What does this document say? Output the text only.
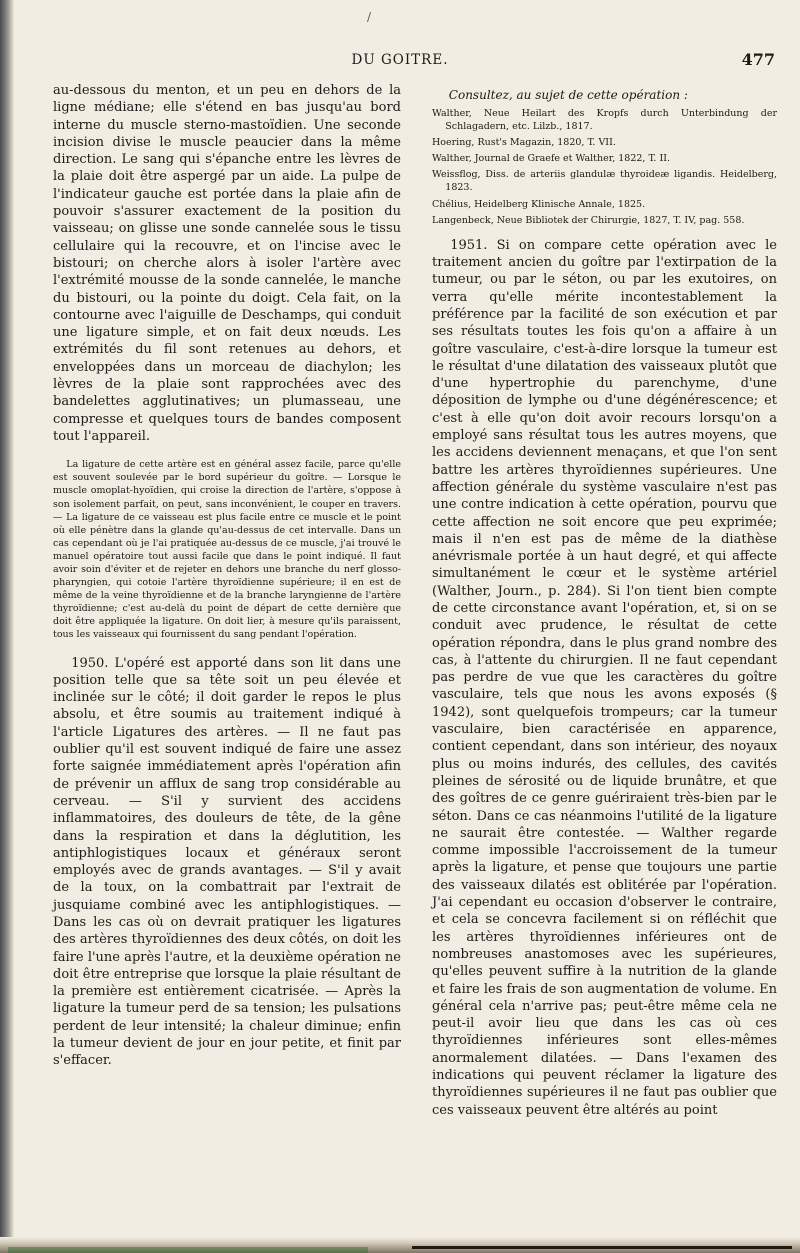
/
DU GOITRE.	477

au-dessous du menton, et un peu en dehors de la ligne médiane; elle s'étend en bas jusqu'au bord interne du muscle sterno-mastoïdien. Une seconde incision divise le muscle peaucier dans la même direction. Le sang qui s'épanche entre les lèvres de la plaie doit être aspergé par un aide. La pulpe de l'indicateur gauche est portée dans la plaie afin de pouvoir s'assurer exactement de la position du vaisseau; on glisse une sonde cannelée sous le tissu cellulaire qui la recouvre, et on l'incise avec le bistouri; on cherche alors à isoler l'artère avec l'extrémité mousse de la sonde cannelée, le manche du bistouri, ou la pointe du doigt. Cela fait, on la contourne avec l'aiguille de Deschamps, qui conduit une ligature simple, et on fait deux nœuds. Les extrémités du fil sont retenues au dehors, et enveloppées dans un morceau de diachylon; les lèvres de la plaie sont rapprochées avec des bandelettes agglutinatives; un plumasseau, une compresse et quelques tours de bandes composent tout l'appareil.

La ligature de cette artère est en général assez facile, parce qu'elle est souvent soulevée par le bord supérieur du goître. — Lorsque le muscle omoplat-hyoïdien, qui croise la direction de l'artère, s'oppose à son isolement parfait, on peut, sans inconvénient, le couper en travers. — La ligature de ce vaisseau est plus facile entre ce muscle et le point où elle pénètre dans la glande qu'au-dessus de cet intervalle. Dans un cas cependant où je l'ai pratiquée au-dessus de ce muscle, j'ai trouvé le manuel opératoire tout aussi facile que dans le point indiqué. Il faut avoir soin d'éviter et de rejeter en dehors une branche du nerf glosso-pharyngien, qui cotoie l'artère thyroïdienne supérieure; il en est de même de la veine thyroïdienne et de la branche laryngienne de l'artère thyroïdienne; c'est au-delà du point de départ de cette dernière que doit être appliquée la ligature. On doit lier, à mesure qu'ils paraissent, tous les vaisseaux qui fournissent du sang pendant l'opération.

1950. L'opéré est apporté dans son lit dans une position telle que sa tête soit un peu élevée et inclinée sur le côté; il doit garder le repos le plus absolu, et être soumis au traitement indiqué à l'article Ligatures des artères. — Il ne faut pas oublier qu'il est souvent indiqué de faire une assez forte saignée immédiatement après l'opération afin de prévenir un afflux de sang trop considérable au cerveau. — S'il y survient des accidens inflammatoires, des douleurs de tête, de la gêne dans la respiration et dans la déglutition, les antiphlogistiques locaux et généraux seront employés avec de grands avantages. — S'il y avait de la toux, on la combattrait par l'extrait de jusquiame combiné avec les antiphlogistiques. — Dans les cas où on devrait pratiquer les ligatures des artères thyroïdiennes des deux côtés, on doit les faire l'une après l'autre, et la deuxième opération ne doit être entreprise que lorsque la plaie résultant de la première est entièrement cicatrisée. — Après la ligature la tumeur perd de sa tension; les pulsations perdent de leur intensité; la chaleur diminue; enfin la tumeur devient de jour en jour petite, et finit par s'effacer.

Consultez, au sujet de cette opération :

Walther, Neue Heilart des Kropfs durch Unterbindung der Schlagadern, etc. Lilzb., 1817.

Hoering, Rust's Magazin, 1820, T. VII.

Walther, Journal de Graefe et Walther, 1822, T. II.

Weissflog, Diss. de arteriis glandulæ thyroideæ ligandis. Heidelberg, 1823.

Chélius, Heidelberg Klinische Annale, 1825.

Langenbeck, Neue Bibliotek der Chirurgie, 1827, T. IV, pag. 558.

1951. Si on compare cette opération avec le traitement ancien du goître par l'extirpation de la tumeur, ou par le séton, ou par les exutoires, on verra qu'elle mérite incontestablement la préférence par la facilité de son exécution et par ses résultats toutes les fois qu'on a affaire à un goître vasculaire, c'est-à-dire lorsque la tumeur est le résultat d'une dilatation des vaisseaux plutôt que d'une hypertrophie du parenchyme, d'une déposition de lymphe ou d'une dégénérescence; et c'est à elle qu'on doit avoir recours lorsqu'on a employé sans résultat tous les autres moyens, que les accidens deviennent menaçans, et que l'on sent battre les artères thyroïdiennes supérieures. Une affection générale du système vasculaire n'est pas une contre indication à cette opération, pourvu que cette affection ne soit encore que peu exprimée; mais il n'en est pas de même de la diathèse anévrismale portée à un haut degré, et qui affecte simultanément le cœur et le système artériel (Walther, Journ., p. 284). Si l'on tient bien compte de cette circonstance avant l'opération, et, si on se conduit avec prudence, le résultat de cette opération répondra, dans le plus grand nombre des cas, à l'attente du chirurgien. Il ne faut cependant pas perdre de vue que les caractères du goître vasculaire, tels que nous les avons exposés (§ 1942), sont quelquefois trompeurs; car la tumeur vasculaire, bien caractérisée en apparence, contient cependant, dans son intérieur, des noyaux plus ou moins indurés, des cellules, des cavités pleines de sérosité ou de liquide brunâtre, et que des goîtres de ce genre guériraient très-bien par le séton. Dans ce cas néanmoins l'utilité de la ligature ne saurait être contestée. — Walther regarde comme impossible l'accroissement de la tumeur après la ligature, et pense que toujours une partie des vaisseaux dilatés est oblitérée par l'opération. J'ai cependant eu occasion d'observer le contraire, et cela se concevra facilement si on réfléchit que les artères thyroïdiennes inférieures ont de nombreuses anastomoses avec les supérieures, qu'elles peuvent suffire à la nutrition de la glande et faire les frais de son augmentation de volume. En général cela n'arrive pas; peut-être même cela ne peut-il avoir lieu que dans les cas où ces thyroïdiennes inférieures sont elles-mêmes anormalement dilatées. — Dans l'examen des indications qui peuvent réclamer la ligature des thyroïdiennes supérieures il ne faut pas oublier que ces vaisseaux peuvent être altérés au point
